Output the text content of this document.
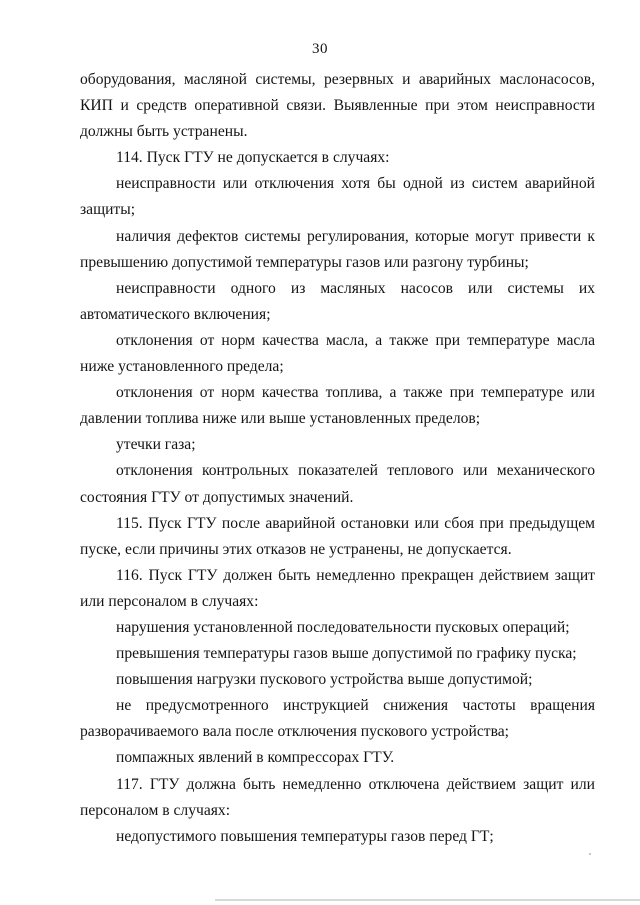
30

оборудования, масляной системы, резервных и аварийных маслонасосов, КИП и средств оперативной связи. Выявленные при этом неисправности должны быть устранены.

114. Пуск ГТУ не допускается в случаях:

неисправности или отключения хотя бы одной из систем аварийной защиты;

наличия дефектов системы регулирования, которые могут привести к превышению допустимой температуры газов или разгону турбины;

неисправности одного из масляных насосов или системы их автоматического включения;

отклонения от норм качества масла, а также при температуре масла ниже установленного предела;

отклонения от норм качества топлива, а также при температуре или давлении топлива ниже или выше установленных пределов;

утечки газа;

отклонения контрольных показателей теплового или механического состояния ГТУ от допустимых значений.

115. Пуск ГТУ после аварийной остановки или сбоя при предыдущем пуске, если причины этих отказов не устранены, не допускается.

116. Пуск ГТУ должен быть немедленно прекращен действием защит или персоналом в случаях:

нарушения установленной последовательности пусковых операций;

превышения температуры газов выше допустимой по графику пуска;

повышения нагрузки пускового устройства выше допустимой;

не предусмотренного инструкцией снижения частоты вращения разворачиваемого вала после отключения пускового устройства;

помпажных явлений в компрессорах ГТУ.

117. ГТУ должна быть немедленно отключена действием защит или персоналом в случаях:

недопустимого повышения температуры газов перед ГТ;
